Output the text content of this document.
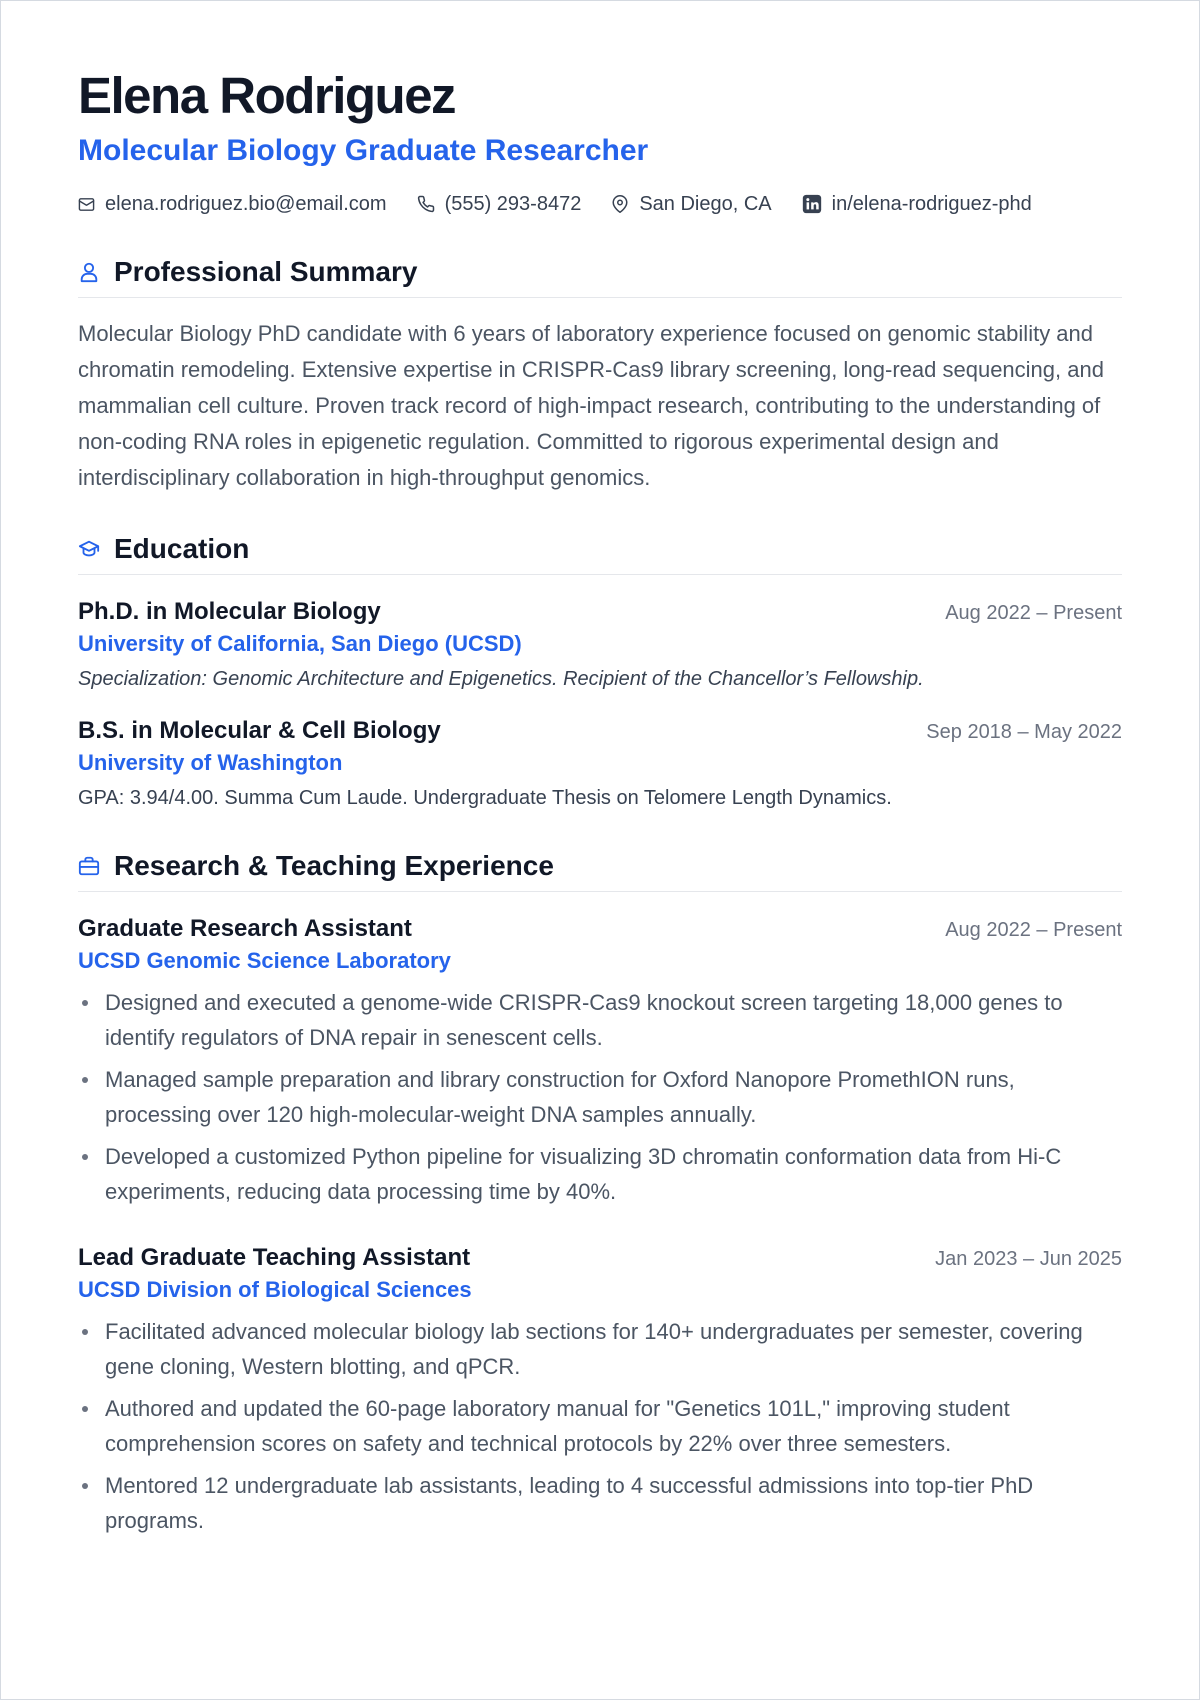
Elena Rodriguez
Molecular Biology Graduate Researcher
elena.rodriguez.bio@email.com	(555) 293-8472	San Diego, CA	in/elena-rodriguez-phd
Professional Summary

Molecular Biology PhD candidate with 6 years of laboratory experience focused on genomic stability and chromatin remodeling. Extensive expertise in CRISPR-Cas9 library screening, long-read sequencing, and mammalian cell culture. Proven track record of high-impact research, contributing to the understanding of non-coding RNA roles in epigenetic regulation. Committed to rigorous experimental design and interdisciplinary collaboration in high-throughput genomics.

Education
Ph.D. in Molecular Biology	Aug 2022 – Present
University of California, San Diego (UCSD)
Specialization: Genomic Architecture and Epigenetics. Recipient of the Chancellor’s Fellowship.
B.S. in Molecular & Cell Biology	Sep 2018 – May 2022
University of Washington
GPA: 3.94/4.00. Summa Cum Laude. Undergraduate Thesis on Telomere Length Dynamics.
Research & Teaching Experience
Graduate Research Assistant	Aug 2022 – Present
UCSD Genomic Science Laboratory
Designed and executed a genome-wide CRISPR-Cas9 knockout screen targeting 18,000 genes to identify regulators of DNA repair in senescent cells.
Managed sample preparation and library construction for Oxford Nanopore PromethION runs, processing over 120 high-molecular-weight DNA samples annually.
Developed a customized Python pipeline for visualizing 3D chromatin conformation data from Hi-C experiments, reducing data processing time by 40%.
Lead Graduate Teaching Assistant	Jan 2023 – Jun 2025
UCSD Division of Biological Sciences
Facilitated advanced molecular biology lab sections for 140+ undergraduates per semester, covering gene cloning, Western blotting, and qPCR.
Authored and updated the 60-page laboratory manual for "Genetics 101L," improving student comprehension scores on safety and technical protocols by 22% over three semesters.
Mentored 12 undergraduate lab assistants, leading to 4 successful admissions into top-tier PhD programs.
